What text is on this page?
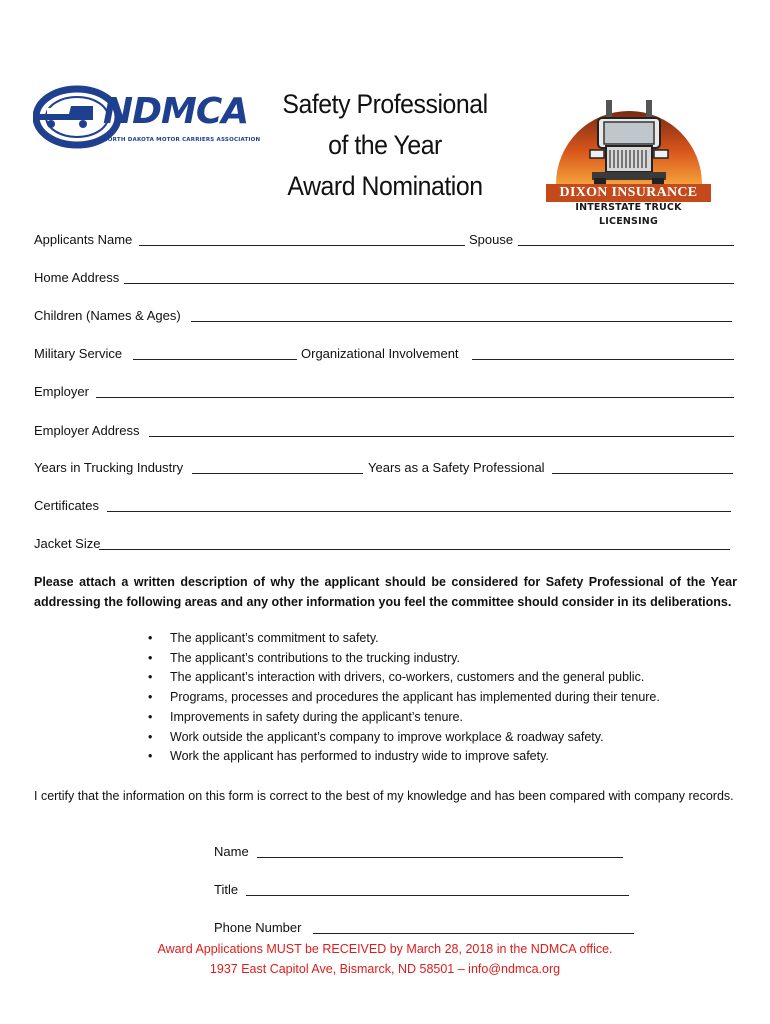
NDMCA
NORTH DAKOTA MOTOR CARRIERS ASSOCIATION
Safety Professional
of the Year
Award Nomination	DIXON INSURANCE
INTERSTATE TRUCK LICENSING
Applicants Name	Spouse
Home Address
Children (Names & Ages)
Military Service	Organizational Involvement
Employer
Employer Address
Years in Trucking Industry	Years as a Safety Professional
Certificates
Jacket Size
Please attach a written description of why the applicant should be considered for Safety Professional of the Year addressing the following areas and any other information you feel the committee should consider in its deliberations.
• The applicant’s commitment to safety.
• The applicant’s contributions to the trucking industry.
• The applicant’s interaction with drivers, co-workers, customers and the general public.
• Programs, processes and procedures the applicant has implemented during their tenure.
• Improvements in safety during the applicant’s tenure.
• Work outside the applicant’s company to improve workplace & roadway safety.
• Work the applicant has performed to industry wide to improve safety.
I certify that the information on this form is correct to the best of my knowledge and has been compared with company records.
Name
Title
Phone Number
Award Applications MUST be RECEIVED by March 28, 2018 in the NDMCA office.
1937 East Capitol Ave, Bismarck, ND 58501 – info@ndmca.org
